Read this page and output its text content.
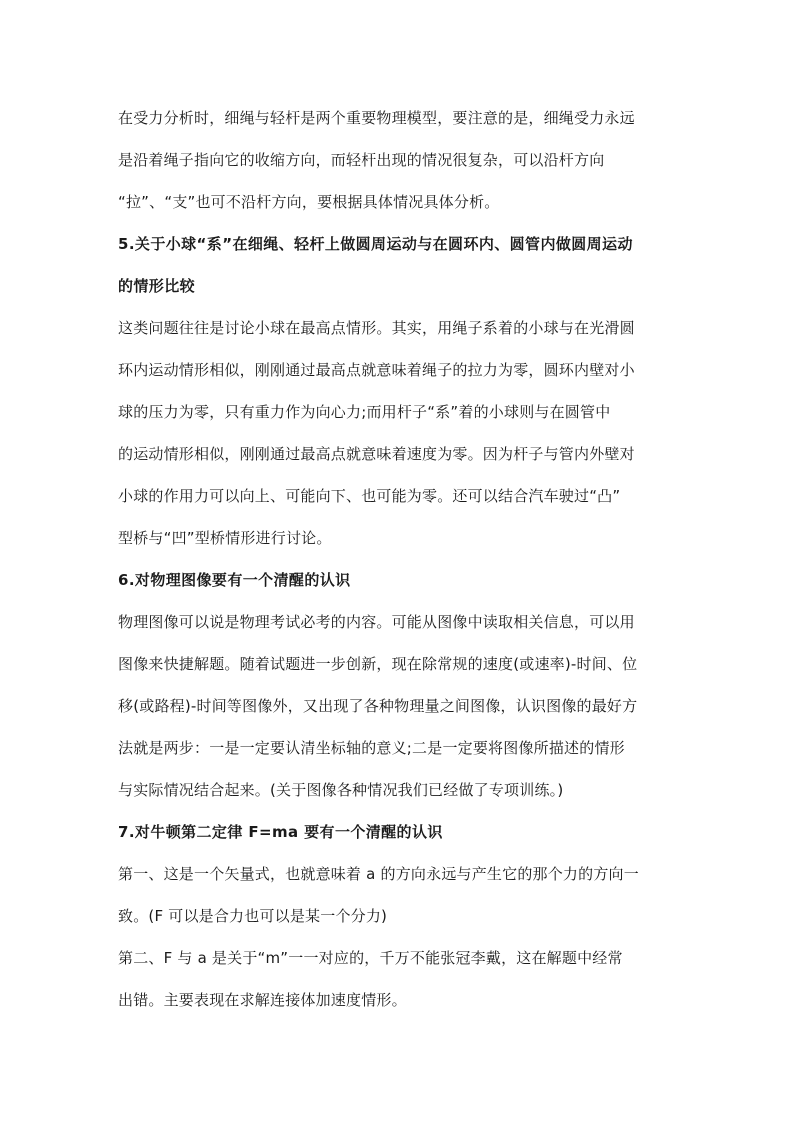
在受力分析时，细绳与轻杆是两个重要物理模型，要注意的是，细绳受力永远
是沿着绳子指向它的收缩方向，而轻杆出现的情况很复杂，可以沿杆方向
“拉”、“支”也可不沿杆方向，要根据具体情况具体分析。
5.关于小球“系”在细绳、轻杆上做圆周运动与在圆环内、圆管内做圆周运动
的情形比较
这类问题往往是讨论小球在最高点情形。其实，用绳子系着的小球与在光滑圆
环内运动情形相似，刚刚通过最高点就意味着绳子的拉力为零，圆环内壁对小
球的压力为零，只有重力作为向心力;而用杆子“系”着的小球则与在圆管中
的运动情形相似，刚刚通过最高点就意味着速度为零。因为杆子与管内外壁对
小球的作用力可以向上、可能向下、也可能为零。还可以结合汽车驶过“凸”
型桥与“凹”型桥情形进行讨论。
6.对物理图像要有一个清醒的认识
物理图像可以说是物理考试必考的内容。可能从图像中读取相关信息，可以用
图像来快捷解题。随着试题进一步创新，现在除常规的速度(或速率)-时间、位
移(或路程)-时间等图像外，又出现了各种物理量之间图像，认识图像的最好方
法就是两步：一是一定要认清坐标轴的意义;二是一定要将图像所描述的情形
与实际情况结合起来。(关于图像各种情况我们已经做了专项训练。)
7.对牛顿第二定律 F=ma 要有一个清醒的认识
第一、这是一个矢量式，也就意味着 a 的方向永远与产生它的那个力的方向一
致。(F 可以是合力也可以是某一个分力)
第二、F 与 a 是关于“m”一一对应的，千万不能张冠李戴，这在解题中经常
出错。主要表现在求解连接体加速度情形。
